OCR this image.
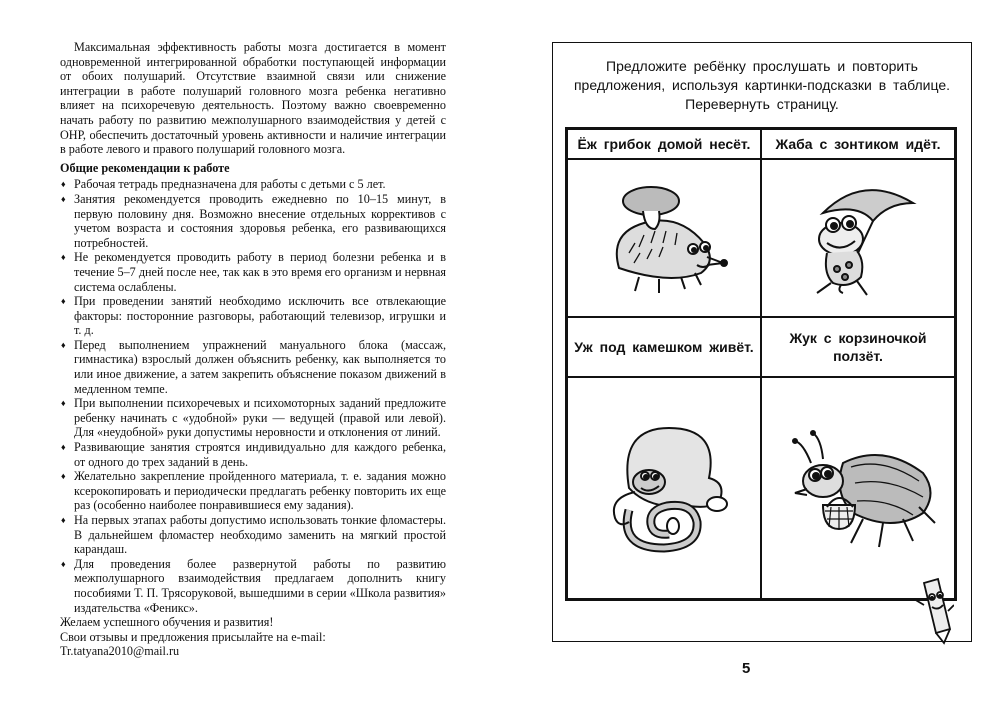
Максимальная эффективность работы мозга достигается в момент одновременной интегрированной обработки поступающей информации от обоих полушарий. Отсутствие взаимной связи или снижение интеграции в работе полушарий головного мозга ребенка негативно влияет на психоречевую деятельность. Поэтому важно своевременно начать работу по развитию межполушарного взаимодействия у детей с ОНР, обеспечить достаточный уровень активности и наличие интеграции в работе левого и правого полушарий головного мозга.

Общие рекомендации к работе

♦ Рабочая тетрадь предназначена для работы с детьми с 5 лет.
♦ Занятия рекомендуется проводить ежедневно по 10–15 минут, в первую половину дня. Возможно внесение отдельных коррективов с учетом возраста и состояния здоровья ребенка, его развивающихся потребностей.
♦ Не рекомендуется проводить работу в период болезни ребенка и в течение 5–7 дней после нее, так как в это время его организм и нервная система ослаблены.
♦ При проведении занятий необходимо исключить все отвлекающие факторы: посторонние разговоры, работающий телевизор, игрушки и т. д.
♦ Перед выполнением упражнений мануального блока (массаж, гимнастика) взрослый должен объяснить ребенку, как выполняется то или иное движение, а затем закрепить объяснение показом движений в медленном темпе.
♦ При выполнении психоречевых и психомоторных заданий предложите ребенку начинать с «удобной» руки — ведущей (правой или левой). Для «неудобной» руки допустимы неровности и отклонения от линий.
♦ Развивающие занятия строятся индивидуально для каждого ребенка, от одного до трех заданий в день.
♦ Желательно закрепление пройденного материала, т. е. задания можно ксерокопировать и периодически предлагать ребенку повторить их еще раз (особенно наиболее понравившиеся ему задания).
♦ На первых этапах работы допустимо использовать тонкие фломастеры. В дальнейшем фломастер необходимо заменить на мягкий простой карандаш.
♦ Для проведения более развернутой работы по развитию межполушарного взаимодействия предлагаем дополнить книгу пособиями Т. П. Трясоруковой, вышедшими в серии «Школа развития» издательства «Феникс».

Желаем успешного обучения и развития!

Свои отзывы и предложения присылайте на e-mail: Tr.tatyana2010@mail.ru

Предложите ребёнку прослушать и повторить
предложения, используя картинки-подсказки в таблице.
Перевернуть страницу.
Ёж грибок домой несёт.	Жаба с зонтиком идёт.
Уж под камешком живёт.
Жук с корзиночкой ползёт.
5
